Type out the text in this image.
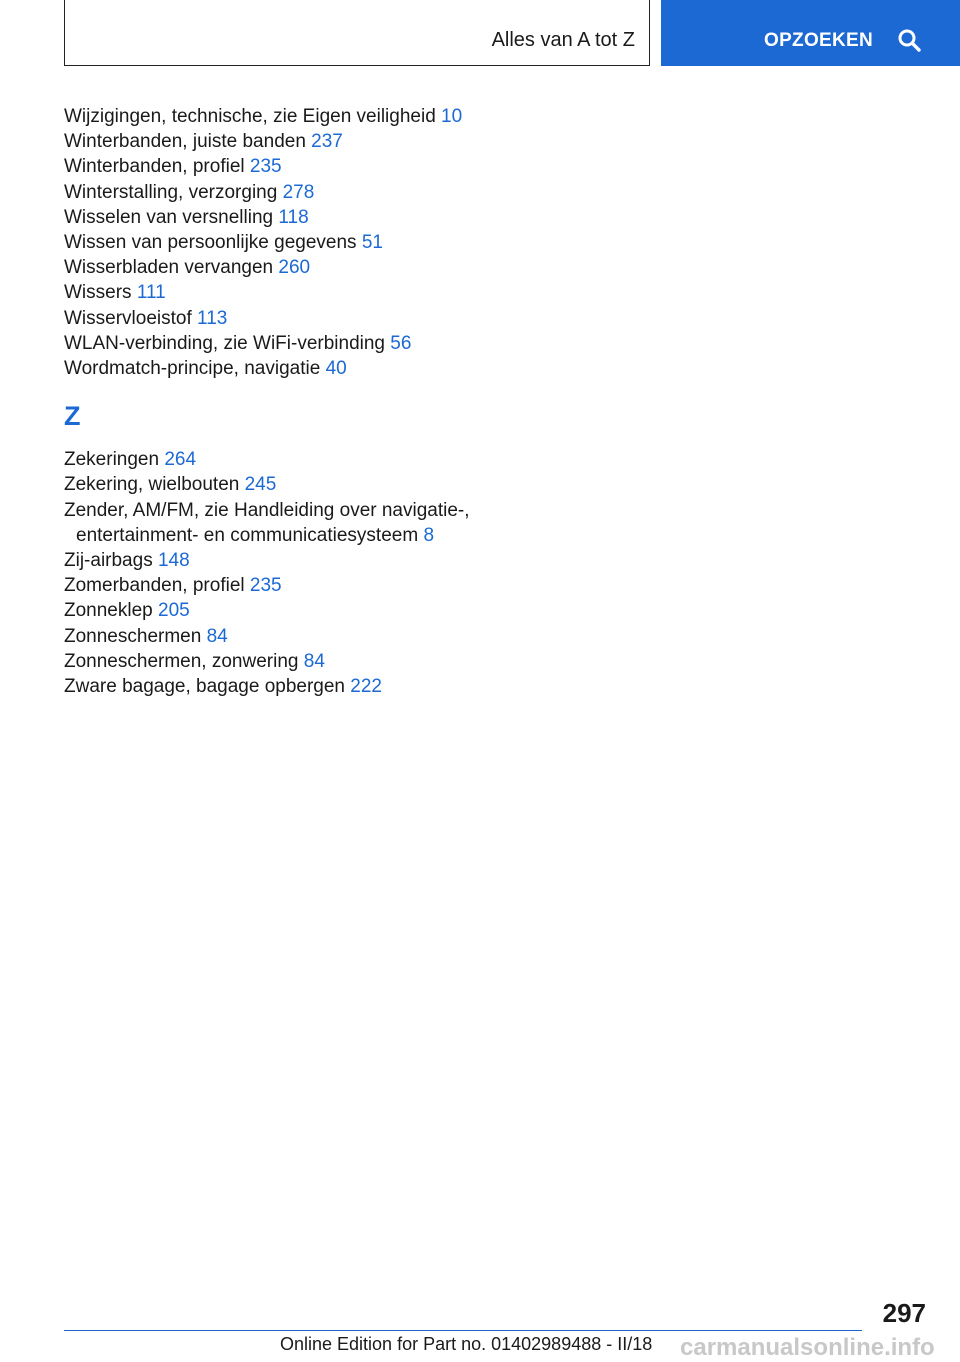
Alles van A tot Z	OPZOEKEN
Wijzigingen, technische, zie Eigen veiligheid 10
Winterbanden, juiste banden 237
Winterbanden, profiel 235
Winterstalling, verzorging 278
Wisselen van versnelling 118
Wissen van persoonlijke gegevens 51
Wisserbladen vervangen 260
Wissers 111
Wisservloeistof 113
WLAN-verbinding, zie WiFi-verbinding 56
Wordmatch-principe, navigatie 40
Z
Zekeringen 264
Zekering, wielbouten 245
Zender, AM/FM, zie Handleiding over navigatie-,
entertainment- en communicatiesysteem 8
Zij-airbags 148
Zomerbanden, profiel 235
Zonneklep 205
Zonneschermen 84
Zonneschermen, zonwering 84
Zware bagage, bagage opbergen 222
297
Online Edition for Part no. 01402989488 - II/18 carmanualsonline.info
